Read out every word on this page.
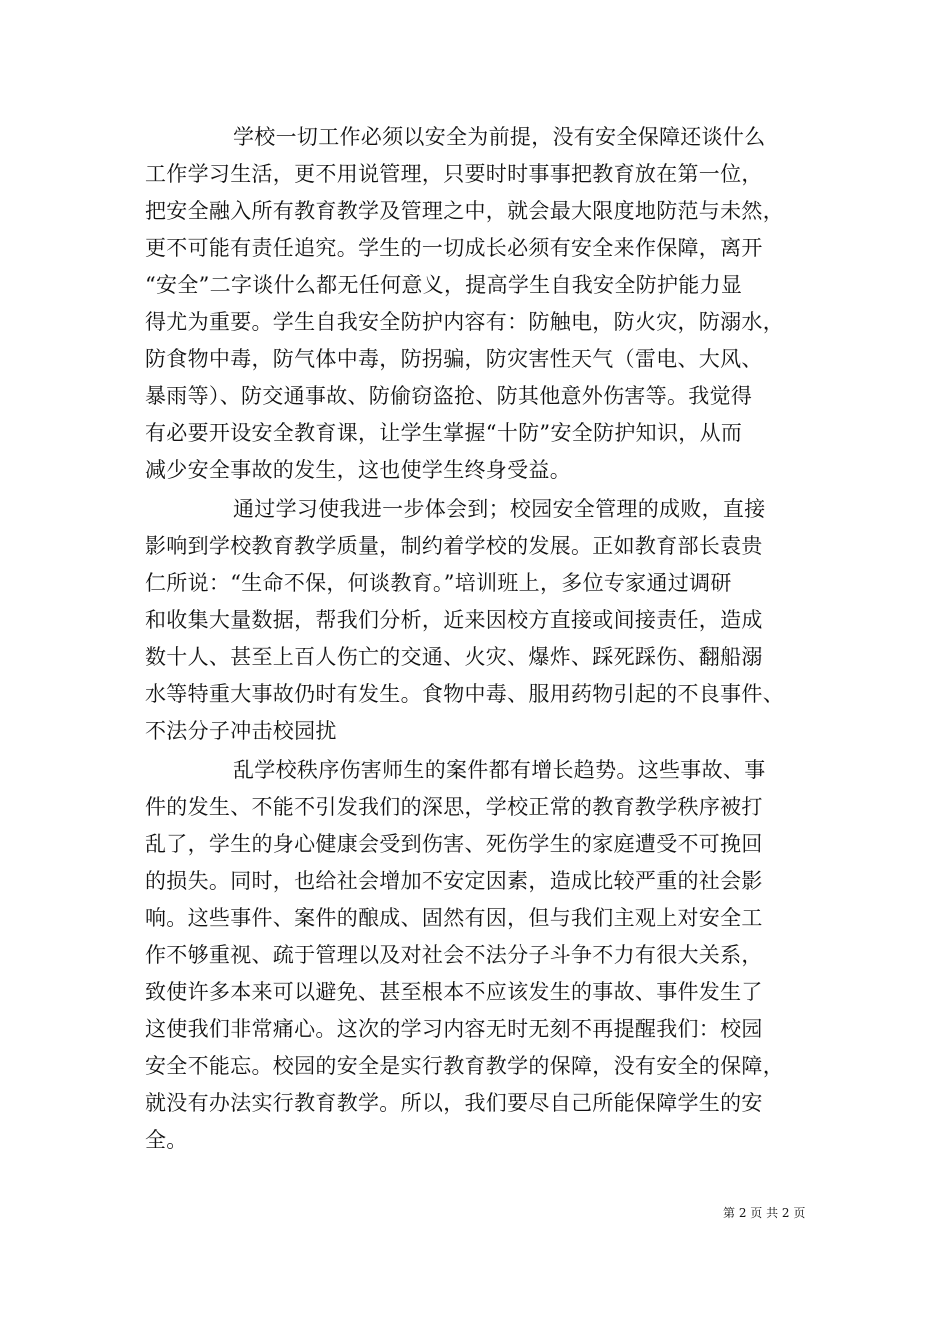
学校一切工作必须以安全为前提，没有安全保障还谈什么
工作学习生活，更不用说管理，只要时时事事把教育放在第一位，
把安全融入所有教育教学及管理之中，就会最大限度地防范与未然，
更不可能有责任追究。学生的一切成长必须有安全来作保障，离开
“安全”二字谈什么都无任何意义，提高学生自我安全防护能力显
得尤为重要。学生自我安全防护内容有：防触电，防火灾，防溺水，
防食物中毒，防气体中毒，防拐骗，防灾害性天气（雷电、大风、
暴雨等）、防交通事故、防偷窃盗抢、防其他意外伤害等。我觉得
有必要开设安全教育课，让学生掌握“十防”安全防护知识，从而
减少安全事故的发生，这也使学生终身受益。
通过学习使我进一步体会到；校园安全管理的成败，直接
影响到学校教育教学质量，制约着学校的发展。正如教育部长袁贵
仁所说：“生命不保，何谈教育。”培训班上，多位专家通过调研
和收集大量数据，帮我们分析，近来因校方直接或间接责任，造成
数十人、甚至上百人伤亡的交通、火灾、爆炸、踩死踩伤、翻船溺
水等特重大事故仍时有发生。食物中毒、服用药物引起的不良事件、
不法分子冲击校园扰
乱学校秩序伤害师生的案件都有增长趋势。这些事故、事
件的发生、不能不引发我们的深思，学校正常的教育教学秩序被打
乱了，学生的身心健康会受到伤害、死伤学生的家庭遭受不可挽回
的损失。同时，也给社会增加不安定因素，造成比较严重的社会影
响。这些事件、案件的酿成、固然有因，但与我们主观上对安全工
作不够重视、疏于管理以及对社会不法分子斗争不力有很大关系，
致使许多本来可以避免、甚至根本不应该发生的事故、事件发生了
这使我们非常痛心。这次的学习内容无时无刻不再提醒我们：校园
安全不能忘。校园的安全是实行教育教学的保障，没有安全的保障，
就没有办法实行教育教学。所以，我们要尽自己所能保障学生的安
全。
第 2 页 共 2 页
